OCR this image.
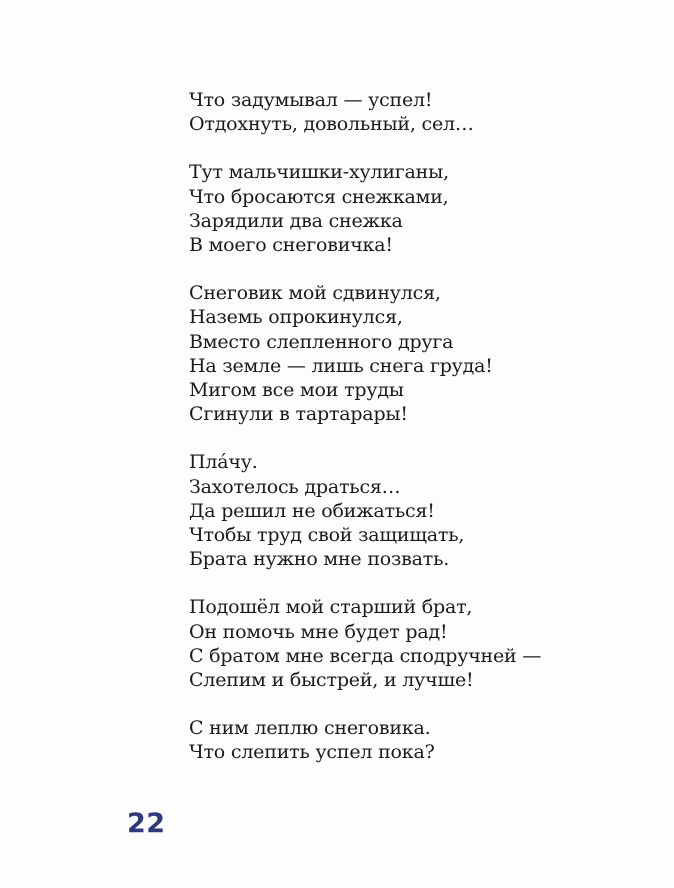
Что задумывал — успел!
Отдохнуть, довольный, сел…
Тут мальчишки-хулиганы,
Что бросаются снежками,
Зарядили два снежка
В моего снеговичка!
Снеговик мой сдвинулся,
Наземь опрокинулся,
Вместо слепленного друга
На земле — лишь снега груда!
Мигом все мои труды
Сгинули в тартарары!
Пла́чу.
Захотелось драться…
Да решил не обижаться!
Чтобы труд свой защищать,
Брата нужно мне позвать.
Подошёл мой старший брат,
Он помочь мне будет рад!
С братом мне всегда сподручней —
Слепим и быстрей, и лучше!
С ним леплю снеговика.
Что слепить успел пока?
22
